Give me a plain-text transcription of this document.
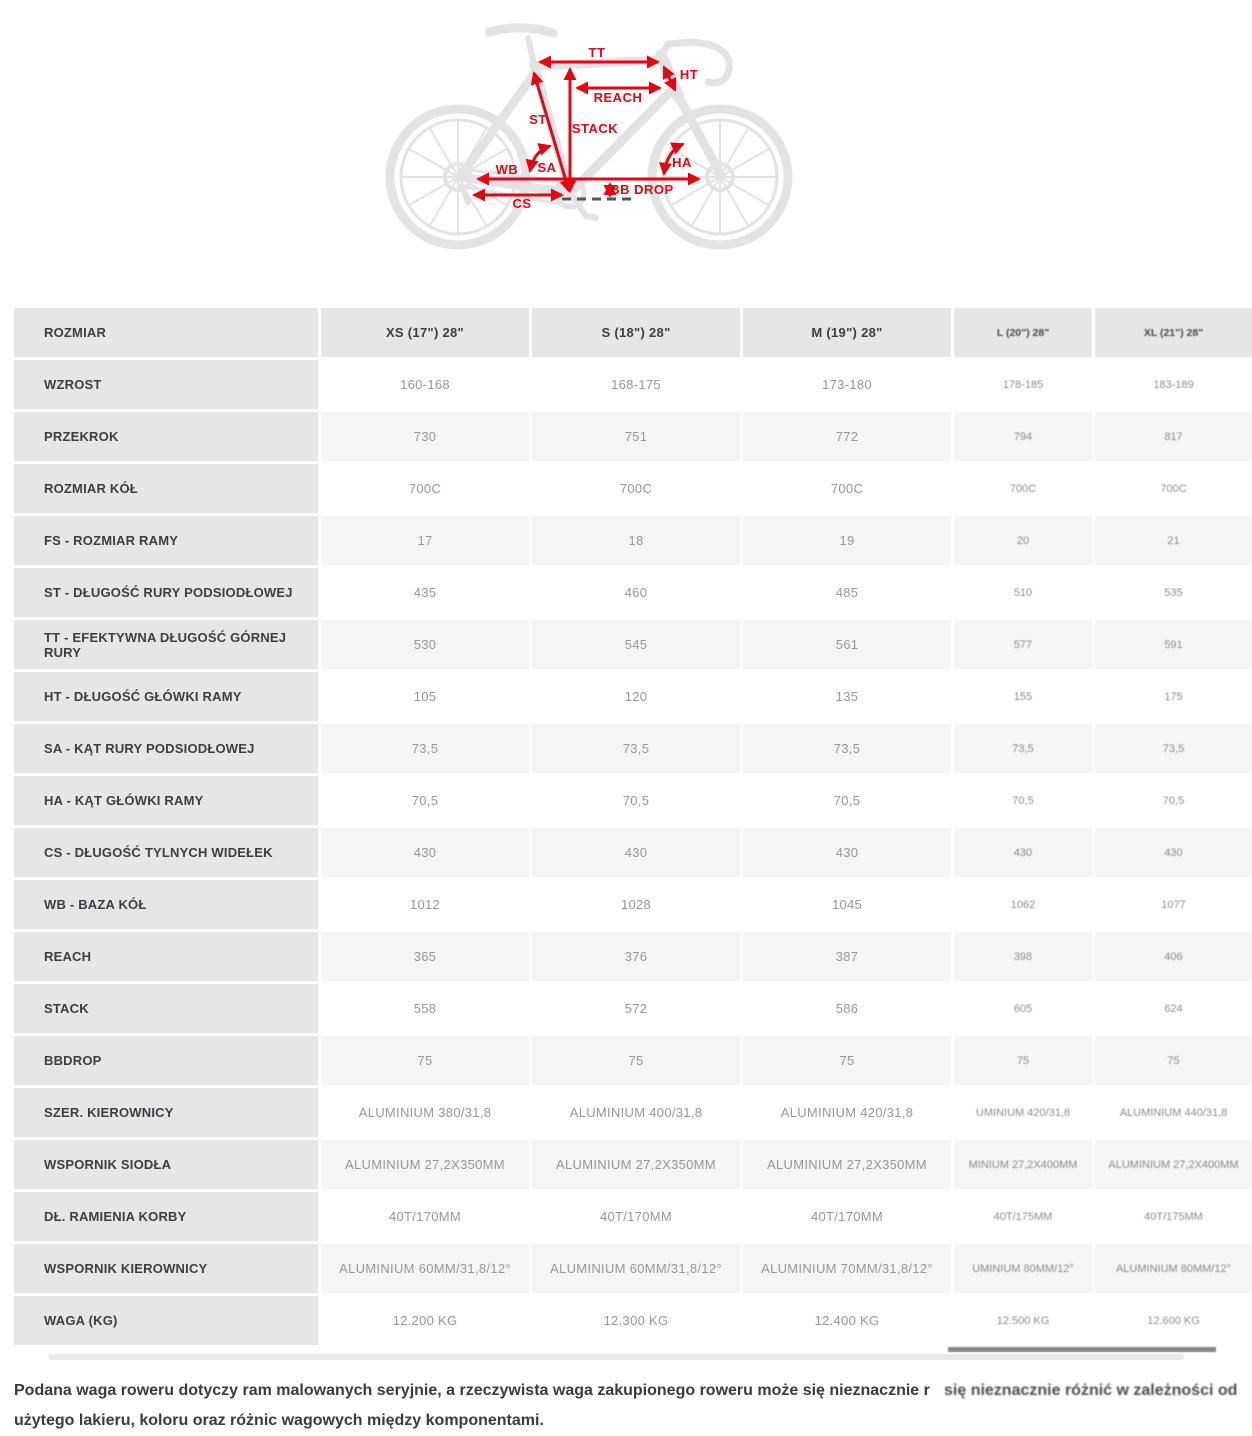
TT
HT
REACH
ST
STACK
SA	HA
WB
BB DROP
CS
ROZMIAR	XS (17") 28"	S (18") 28"	M (19") 28"	L (20") 28"	XL (21") 28"
WZROST	160-168	168-175	173-180	178-185	183-189
PRZEKROK	730	751	772	794	817
ROZMIAR KÓŁ	700C	700C	700C	700C	700C
FS - ROZMIAR RAMY	17	18	19	20	21
ST - DŁUGOŚĆ RURY PODSIODŁOWEJ	435	460	485	510	535
TT - EFEKTYWNA DŁUGOŚĆ GÓRNEJ RURY	530	545	561	577	591
HT - DŁUGOŚĆ GŁÓWKI RAMY	105	120	135	155	175
SA - KĄT RURY PODSIODŁOWEJ	73,5	73,5	73,5	73,5	73,5
HA - KĄT GŁÓWKI RAMY	70,5	70,5	70,5	70,5	70,5
CS - DŁUGOŚĆ TYLNYCH WIDEŁEK	430	430	430	430	430
WB - BAZA KÓŁ	1012	1028	1045	1062	1077
REACH	365	376	387	398	406
STACK	558	572	586	605	624
BBDROP	75	75	75	75	75
SZER. KIEROWNICY	ALUMINIUM 380/31,8	ALUMINIUM 400/31,8	ALUMINIUM 420/31,8	UMINIUM 420/31,8	ALUMINIUM 440/31,8
WSPORNIK SIODŁA	ALUMINIUM 27,2X350MM	ALUMINIUM 27,2X350MM	ALUMINIUM 27,2X350MM	MINIUM 27,2X400MM	ALUMINIUM 27,2X400MM
DŁ. RAMIENIA KORBY	40T/170MM	40T/170MM	40T/170MM	40T/175MM	40T/175MM
WSPORNIK KIEROWNICY	ALUMINIUM 60MM/31,8/12°	ALUMINIUM 60MM/31,8/12°	ALUMINIUM 70MM/31,8/12°	UMINIUM 80MM/12°	ALUMINIUM 80MM/12°
WAGA (KG)	12.200 KG	12.300 KG	12.400 KG	12.500 KG	12.600 KG
Podana waga roweru dotyczy ram malowanych seryjnie, a rzeczywista waga zakupionego roweru może się nieznacznie r się nieznacznie różnić w zależności od
użytego lakieru, koloru oraz różnic wagowych między komponentami.
